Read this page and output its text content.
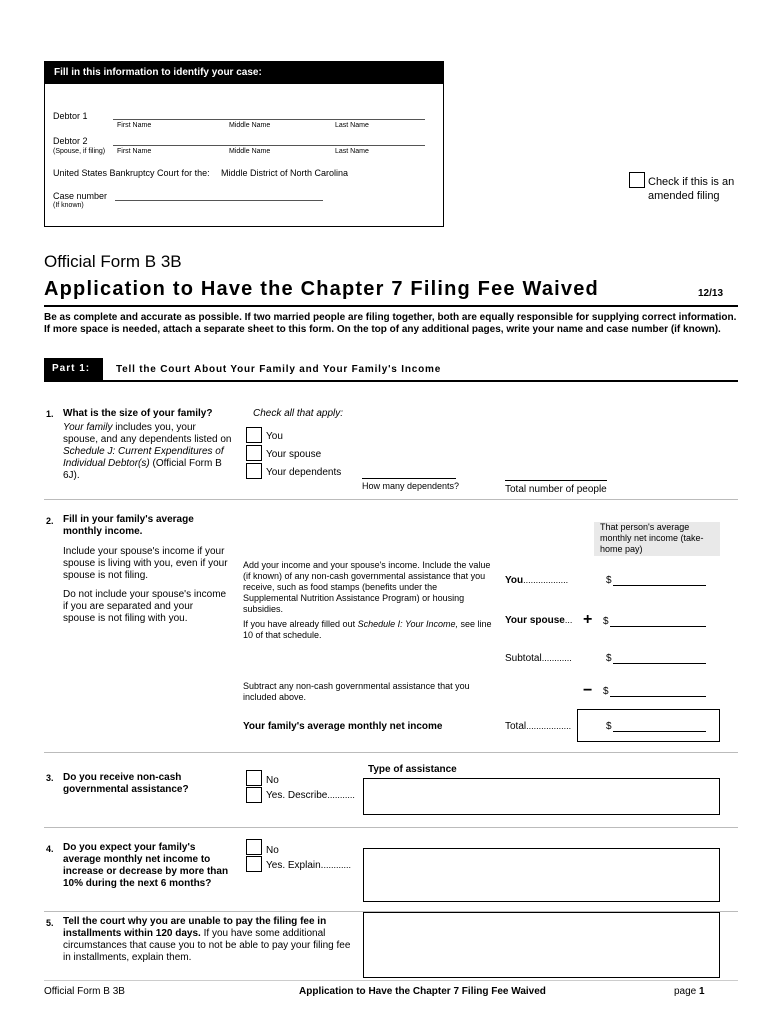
Fill in this information to identify your case:
Debtor 1
First Name	Middle Name	Last Name
Debtor 2
(Spouse, if filing) First Name	Middle Name	Last Name
United States Bankruptcy Court for the: Middle District of North Carolina
Case number
(If known)
Check if this is an amended filing
Official Form B 3B
Application to Have the Chapter 7 Filing Fee Waived	12/13
Be as complete and accurate as possible. If two married people are filing together, both are equally responsible for supplying correct information. If more space is needed, attach a separate sheet to this form. On the top of any additional pages, write your name and case number (if known).
Part 1:	Tell the Court About Your Family and Your Family's Income
1. What is the size of your family?
Your family includes you, your spouse, and any dependents listed on Schedule J: Current Expenditures of Individual Debtor(s) (Official Form B 6J).
Check all that apply:
You
Your spouse
Your dependents
How many dependents?	Total number of people
2. Fill in your family's average monthly income.
Include your spouse's income if your spouse is living with you, even if your spouse is not filing.
Do not include your spouse's income if you are separated and your spouse is not filing with you.
That person's average monthly net income (take-home pay)
Add your income and your spouse's income. Include the value (if known) of any non-cash governmental assistance that you receive, such as food stamps (benefits under the Supplemental Nutrition Assistance Program) or housing subsidies.
If you have already filled out Schedule I: Your Income, see line 10 of that schedule.
You..................	$
Your spouse... + $
Subtotal............	$
Subtract any non-cash governmental assistance that you included above.	− $
Your family's average monthly net income	Total..................	$
3. Do you receive non-cash governmental assistance?
Type of assistance
No
Yes. Describe...........
4. Do you expect your family's average monthly net income to increase or decrease by more than 10% during the next 6 months?
No
Yes. Explain............
5. Tell the court why you are unable to pay the filing fee in installments within 120 days. If you have some additional circumstances that cause you to not be able to pay your filing fee in installments, explain them.
Official Form B 3B	Application to Have the Chapter 7 Filing Fee Waived	page 1
